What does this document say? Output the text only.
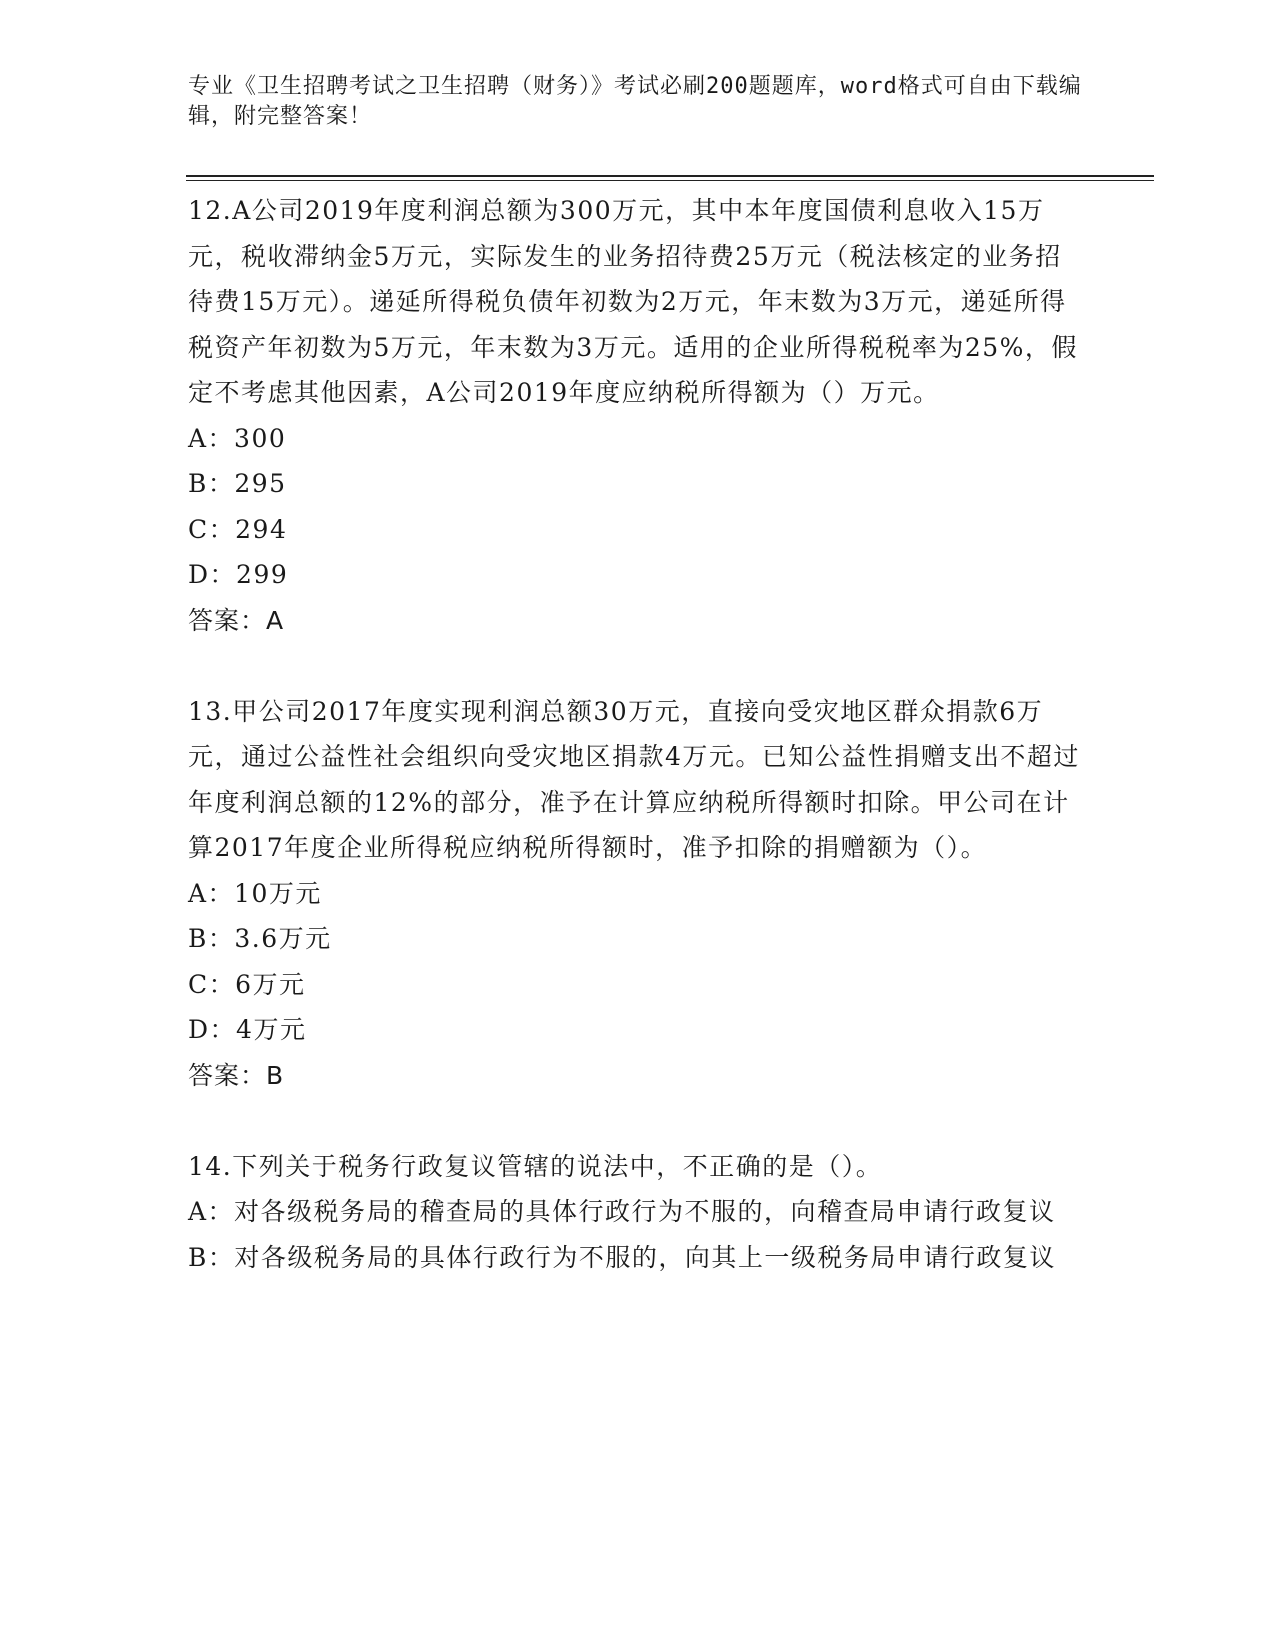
专业《卫生招聘考试之卫生招聘（财务）》考试必刷200题题库，word格式可自由下载编辑，附完整答案！

12.A公司2019年度利润总额为300万元，其中本年度国债利息收入15万元，税收滞纳金5万元，实际发生的业务招待费25万元（税法核定的业务招待费15万元）。递延所得税负债年初数为2万元，年末数为3万元，递延所得税资产年初数为5万元，年末数为3万元。适用的企业所得税税率为25%，假定不考虑其他因素，A公司2019年度应纳税所得额为（）万元。

A：300

B：295

C：294

D：299

答案：A

13.甲公司2017年度实现利润总额30万元，直接向受灾地区群众捐款6万元，通过公益性社会组织向受灾地区捐款4万元。已知公益性捐赠支出不超过年度利润总额的12%的部分，准予在计算应纳税所得额时扣除。甲公司在计算2017年度企业所得税应纳税所得额时，准予扣除的捐赠额为（）。

A：10万元

B：3.6万元

C：6万元

D：4万元

答案：B

14.下列关于税务行政复议管辖的说法中，不正确的是（）。

A：对各级税务局的稽查局的具体行政行为不服的，向稽查局申请行政复议

B：对各级税务局的具体行政行为不服的，向其上一级税务局申请行政复议
